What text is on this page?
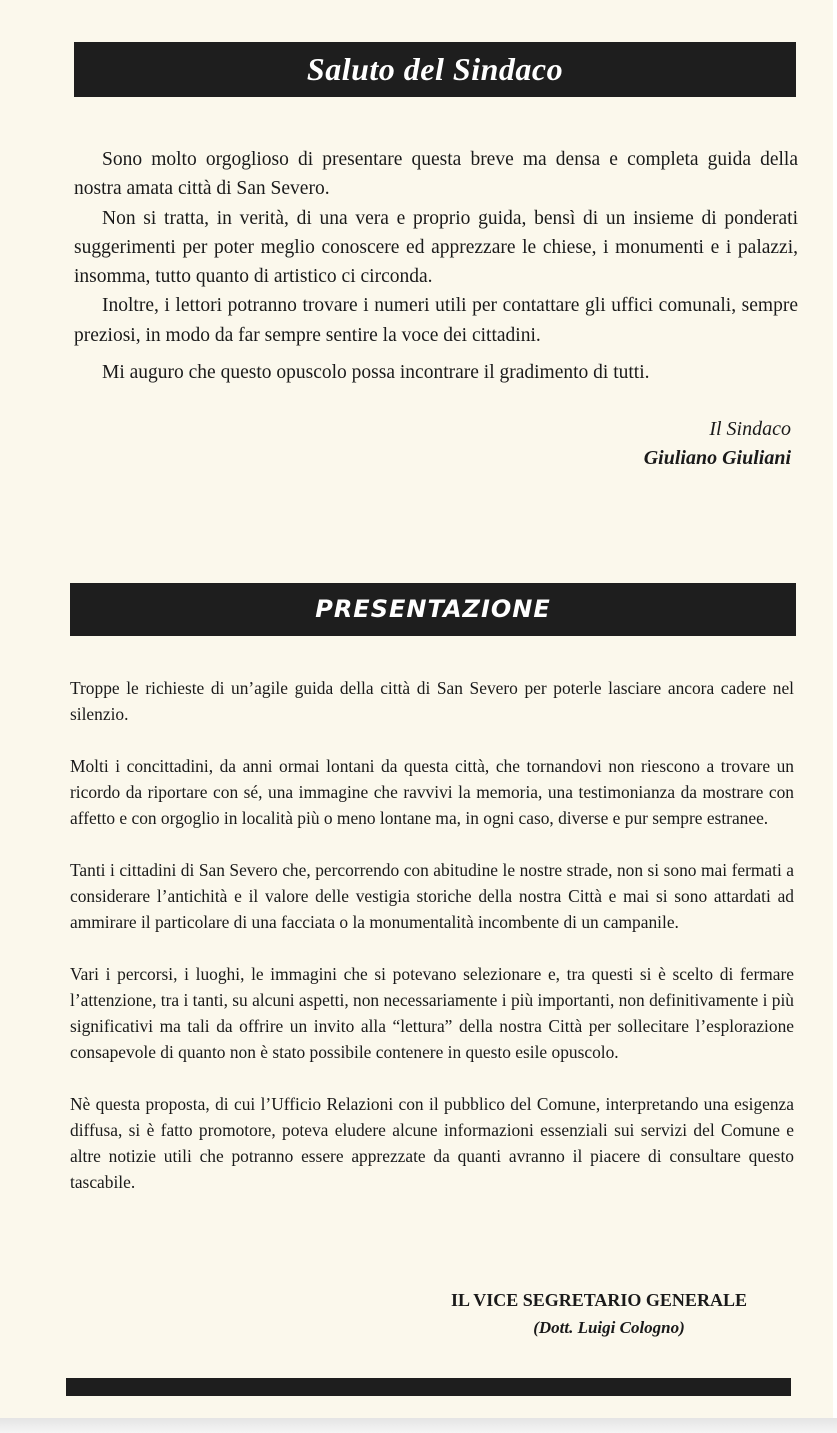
Saluto del Sindaco

Sono molto orgoglioso di presentare questa breve ma densa e completa guida della nostra amata città di San Severo.

Non si tratta, in verità, di una vera e proprio guida, bensì di un insieme di ponderati suggerimenti per poter meglio conoscere ed apprezzare le chiese, i monumenti e i palazzi, insomma, tutto quanto di artistico ci circonda.

Inoltre, i lettori potranno trovare i numeri utili per contattare gli uffici comunali, sempre preziosi, in modo da far sempre sentire la voce dei cittadini.

Mi auguro che questo opuscolo possa incontrare il gradimento di tutti.

Il Sindaco
Giuliano Giuliani
PRESENTAZIONE

Troppe le richieste di un’agile guida della città di San Severo per poterle lasciare ancora cadere nel silenzio.

Molti i concittadini, da anni ormai lontani da questa città, che tornandovi non riescono a trovare un ricordo da riportare con sé, una immagine che ravvivi la memoria, una testimonianza da mostrare con affetto e con orgoglio in località più o meno lontane ma, in ogni caso, diverse e pur sempre estranee.

Tanti i cittadini di San Severo che, percorrendo con abitudine le nostre strade, non si sono mai fermati a considerare l’antichità e il valore delle vestigia storiche della nostra Città e mai si sono attardati ad ammirare il particolare di una facciata o la monumentalità incombente di un campanile.

Vari i percorsi, i luoghi, le immagini che si potevano selezionare e, tra questi si è scelto di fermare l’attenzione, tra i tanti, su alcuni aspetti, non necessariamente i più importanti, non definitivamente i più significativi ma tali da offrire un invito alla “lettura” della nostra Città per sollecitare l’esplorazione consapevole di quanto non è stato possibile contenere in questo esile opuscolo.

Nè questa proposta, di cui l’Ufficio Relazioni con il pubblico del Comune, interpretando una esigenza diffusa, si è fatto promotore, poteva eludere alcune informazioni essenziali sui servizi del Comune e altre notizie utili che potranno essere apprezzate da quanti avranno il piacere di consultare questo tascabile.

IL VICE SEGRETARIO GENERALE
(Dott. Luigi Cologno)
